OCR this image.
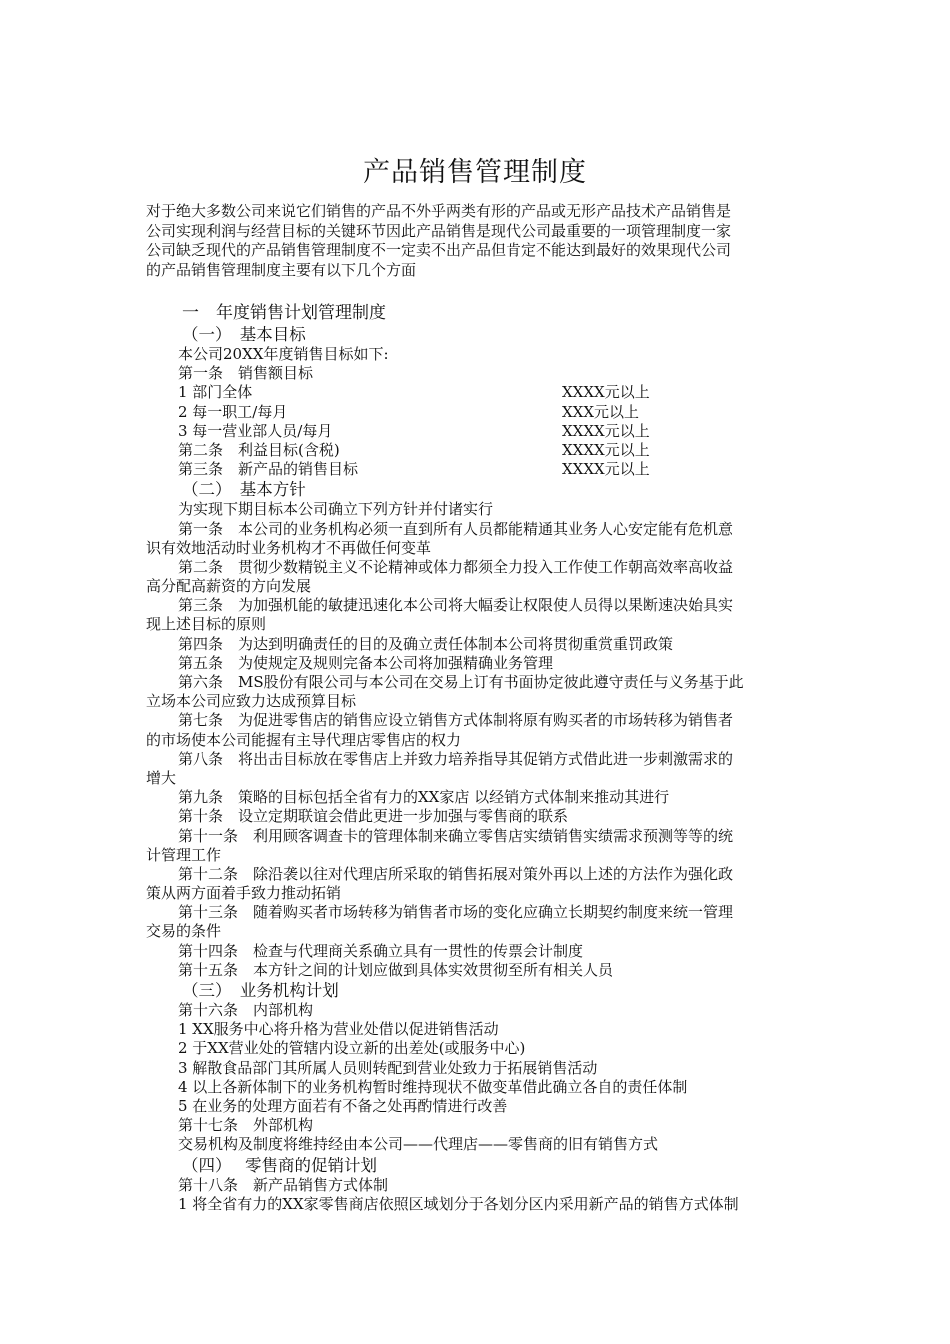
产品销售管理制度
对于绝大多数公司来说它们销售的产品不外乎两类有形的产品或无形产品技术产品销售是
公司实现利润与经营目标的关键环节因此产品销售是现代公司最重要的一项管理制度一家
公司缺乏现代的产品销售管理制度不一定卖不出产品但肯定不能达到最好的效果现代公司
的产品销售管理制度主要有以下几个方面
一　年度销售计划管理制度
（一）　基本目标
本公司20XX年度销售目标如下:
第一条　销售额目标
1 部门全体	XXXX元以上
2 每一职工/每月	XXX元以上
3 每一营业部人员/每月	XXXX元以上
第二条　利益目标(含税)	XXXX元以上
第三条　新产品的销售目标	XXXX元以上
（二）　基本方针
为实现下期目标本公司确立下列方针并付诸实行
第一条　本公司的业务机构必须一直到所有人员都能精通其业务人心安定能有危机意
识有效地活动时业务机构才不再做任何变革
第二条　贯彻少数精锐主义不论精神或体力都须全力投入工作使工作朝高效率高收益
高分配高薪资的方向发展
第三条　为加强机能的敏捷迅速化本公司将大幅委让权限使人员得以果断速决始具实
现上述目标的原则
第四条　为达到明确责任的目的及确立责任体制本公司将贯彻重赏重罚政策
第五条　为使规定及规则完备本公司将加强精确业务管理
第六条　MS股份有限公司与本公司在交易上订有书面协定彼此遵守责任与义务基于此
立场本公司应致力达成预算目标
第七条　为促进零售店的销售应设立销售方式体制将原有购买者的市场转移为销售者
的市场使本公司能握有主导代理店零售店的权力
第八条　将出击目标放在零售店上并致力培养指导其促销方式借此进一步刺激需求的
增大
第九条　策略的目标包括全省有力的XX家店 以经销方式体制来推动其进行
第十条　设立定期联谊会借此更进一步加强与零售商的联系
第十一条　利用顾客调查卡的管理体制来确立零售店实绩销售实绩需求预测等等的统
计管理工作
第十二条　除沿袭以往对代理店所采取的销售拓展对策外再以上述的方法作为强化政
策从两方面着手致力推动拓销
第十三条　随着购买者市场转移为销售者市场的变化应确立长期契约制度来统一管理
交易的条件
第十四条　检查与代理商关系确立具有一贯性的传票会计制度
第十五条　本方针之间的计划应做到具体实效贯彻至所有相关人员
（三）　业务机构计划
第十六条　内部机构
1 XX服务中心将升格为营业处借以促进销售活动
2 于XX营业处的管辖内设立新的出差处(或服务中心)
3 解散食品部门其所属人员则转配到营业处致力于拓展销售活动
4 以上各新体制下的业务机构暂时维持现状不做变革借此确立各自的责任体制
5 在业务的处理方面若有不备之处再酌情进行改善
第十七条　外部机构
交易机构及制度将维持经由本公司——代理店——零售商的旧有销售方式
（四）　 零售商的促销计划
第十八条　新产品销售方式体制
1 将全省有力的XX家零售商店依照区域划分于各划分区内采用新产品的销售方式体制
